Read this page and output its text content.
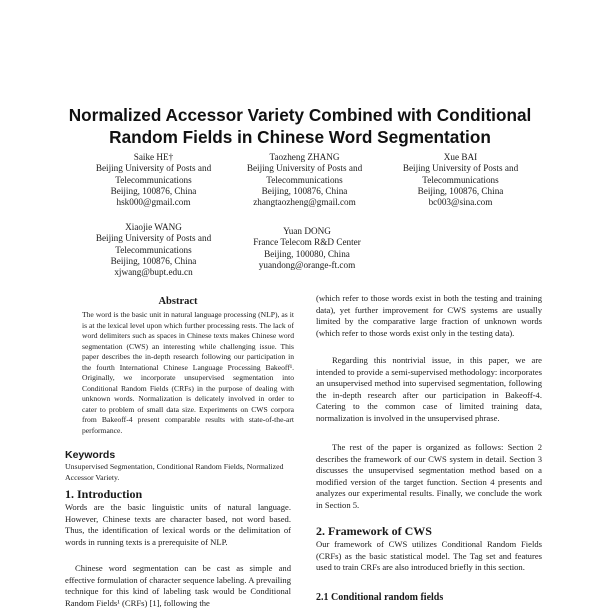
Normalized Accessor Variety Combined with Conditional
Random Fields in Chinese Word Segmentation
Saike HE†
Beijing University of Posts and
Telecommunications
Beijing, 100876, China
hsk000@gmail.com
Taozheng ZHANG
Beijing University of Posts and
Telecommunications
Beijing, 100876, China
zhangtaozheng@gmail.com
Xue BAI
Beijing University of Posts and
Telecommunications
Beijing, 100876, China
bc003@sina.com
Xiaojie WANG
Beijing University of Posts and
Telecommunications
Beijing, 100876, China
xjwang@bupt.edu.cn
Yuan DONG
France Telecom R&D Center
Beijing, 100080, China
yuandong@orange-ft.com
Abstract
The word is the basic unit in natural language processing (NLP), as it is at the lexical level upon which further processing rests. The lack of word delimiters such as spaces in Chinese texts makes Chinese word segmentation (CWS) an interesting while challenging issue. This paper describes the in-depth research following our participation in the fourth International Chinese Language Processing Bakeoff¹. Originally, we incorporate unsupervised segmentation into Conditional Random Fields (CRFs) in the purpose of dealing with unknown words. Normalization is delicately involved in order to cater to problem of small data size. Experiments on CWS corpora from Bakeoff-4 present comparable results with state-of-the-art performance.
Keywords
Unsupervised Segmentation, Conditional Random Fields, Normalized Accessor Variety.
1. Introduction
Words are the basic linguistic units of natural language. However, Chinese texts are character based, not word based. Thus, the identification of lexical words or the delimitation of words in running texts is a prerequisite of NLP.
Chinese word segmentation can be cast as simple and effective formulation of character sequence labeling. A prevailing technique for this kind of labeling task would be Conditional Random Fields¹ (CRFs) [1], following the
(which refer to those words exist in both the testing and training data), yet further improvement for CWS systems are usually limited by the comparative large fraction of unknown words (which refer to those words exist only in the testing data).
Regarding this nontrivial issue, in this paper, we are intended to provide a semi-supervised methodology: incorporates an unsupervised method into supervised segmentation, following the in-depth research after our participation in Bakeoff-4. Catering to the common case of limited training data, normalization is involved in the unsupervised phrase.
The rest of the paper is organized as follows: Section 2 describes the framework of our CWS system in detail. Section 3 discusses the unsupervised segmentation method based on a modified version of the target function. Section 4 presents and analyzes our experimental results. Finally, we conclude the work in Section 5.
2. Framework of CWS
Our framework of CWS utilizes Conditional Random Fields (CRFs) as the basic statistical model. The Tag set and features used to train CRFs are also introduced briefly in this section.
2.1 Conditional random fields
